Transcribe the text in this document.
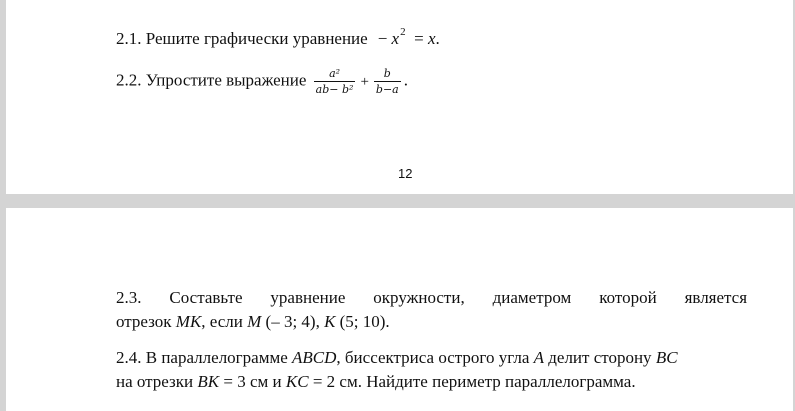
2.1. Решите графически уравнение − $x^2 = x$.
2.2. Упростите выражение $\frac{\text{a²}}{\text{ab− b²}} + \frac{b}{b-a}$ .
12
2.3. Составьте уравнение окружности, диаметром которой является
отрезок МК, если М (– 3; 4), К (5; 10).
2.4. В параллелограмме ABCD, биссектриса острого угла A делит сторону BC
на отрезки BK = 3 см и KC = 2 см. Найдите периметр параллелограмма.
